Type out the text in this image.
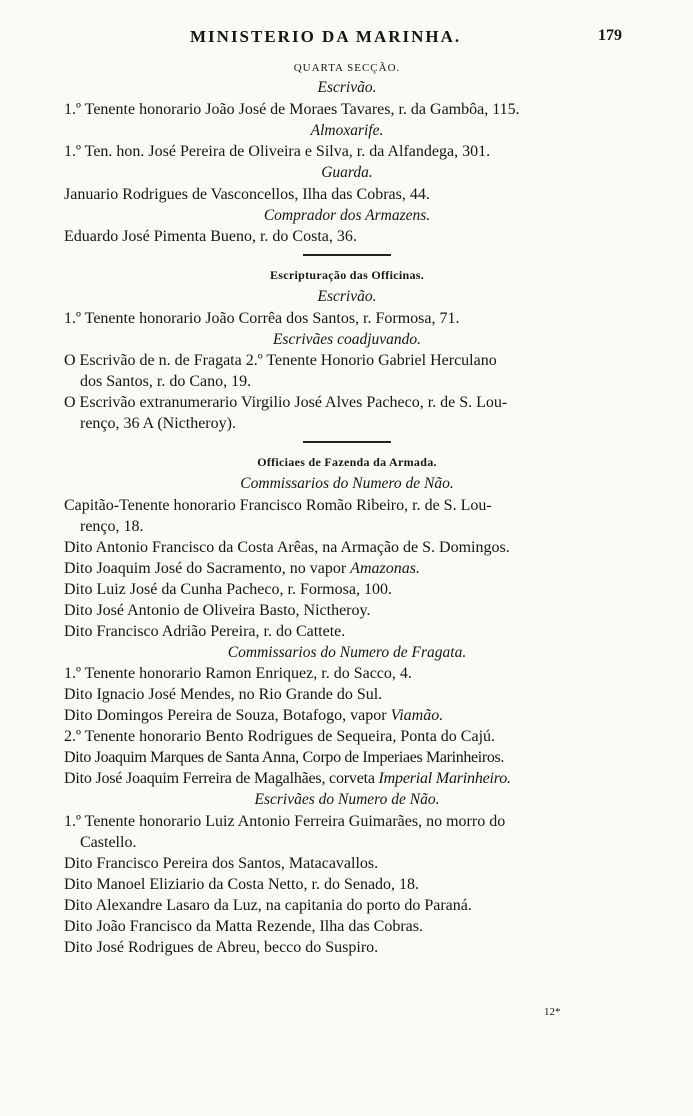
MINISTERIO DA MARINHA.	179
QUARTA SECÇÃO.
Escrivão.
1.º Tenente honorario João José de Moraes Tavares, r. da Gambôa, 115.
Almoxarife.
1.º Ten. hon. José Pereira de Oliveira e Silva, r. da Alfandega, 301.
Guarda.
Januario Rodrigues de Vasconcellos, Ilha das Cobras, 44.
Comprador dos Armazens.
Eduardo José Pimenta Bueno, r. do Costa, 36.
Escripturação das Officinas.
Escrivão.
1.º Tenente honorario João Corrêa dos Santos, r. Formosa, 71.
Escrivães coadjuvando.
O Escrivão de n. de Fragata 2.º Tenente Honorio Gabriel Herculano
dos Santos, r. do Cano, 19.
O Escrivão extranumerario Virgilio José Alves Pacheco, r. de S. Lou-
renço, 36 A (Nictheroy).
Officiaes de Fazenda da Armada.
Commissarios do Numero de Não.
Capitão-Tenente honorario Francisco Romão Ribeiro, r. de S. Lou-
renço, 18.
Dito Antonio Francisco da Costa Arêas, na Armação de S. Domingos.
Dito Joaquim José do Sacramento, no vapor Amazonas.
Dito Luiz José da Cunha Pacheco, r. Formosa, 100.
Dito José Antonio de Oliveira Basto, Nictheroy.
Dito Francisco Adrião Pereira, r. do Cattete.
Commissarios do Numero de Fragata.
1.º Tenente honorario Ramon Enriquez, r. do Sacco, 4.
Dito Ignacio José Mendes, no Rio Grande do Sul.
Dito Domingos Pereira de Souza, Botafogo, vapor Viamão.
2.º Tenente honorario Bento Rodrigues de Sequeira, Ponta do Cajú.
Dito Joaquim Marques de Santa Anna, Corpo de Imperiaes Marinheiros.
Dito José Joaquim Ferreira de Magalhães, corveta Imperial Marinheiro.
Escrivães do Numero de Não.
1.º Tenente honorario Luiz Antonio Ferreira Guimarães, no morro do
Castello.
Dito Francisco Pereira dos Santos, Matacavallos.
Dito Manoel Eliziario da Costa Netto, r. do Senado, 18.
Dito Alexandre Lasaro da Luz, na capitania do porto do Paraná.
Dito João Francisco da Matta Rezende, Ilha das Cobras.
Dito José Rodrigues de Abreu, becco do Suspiro.
12*
